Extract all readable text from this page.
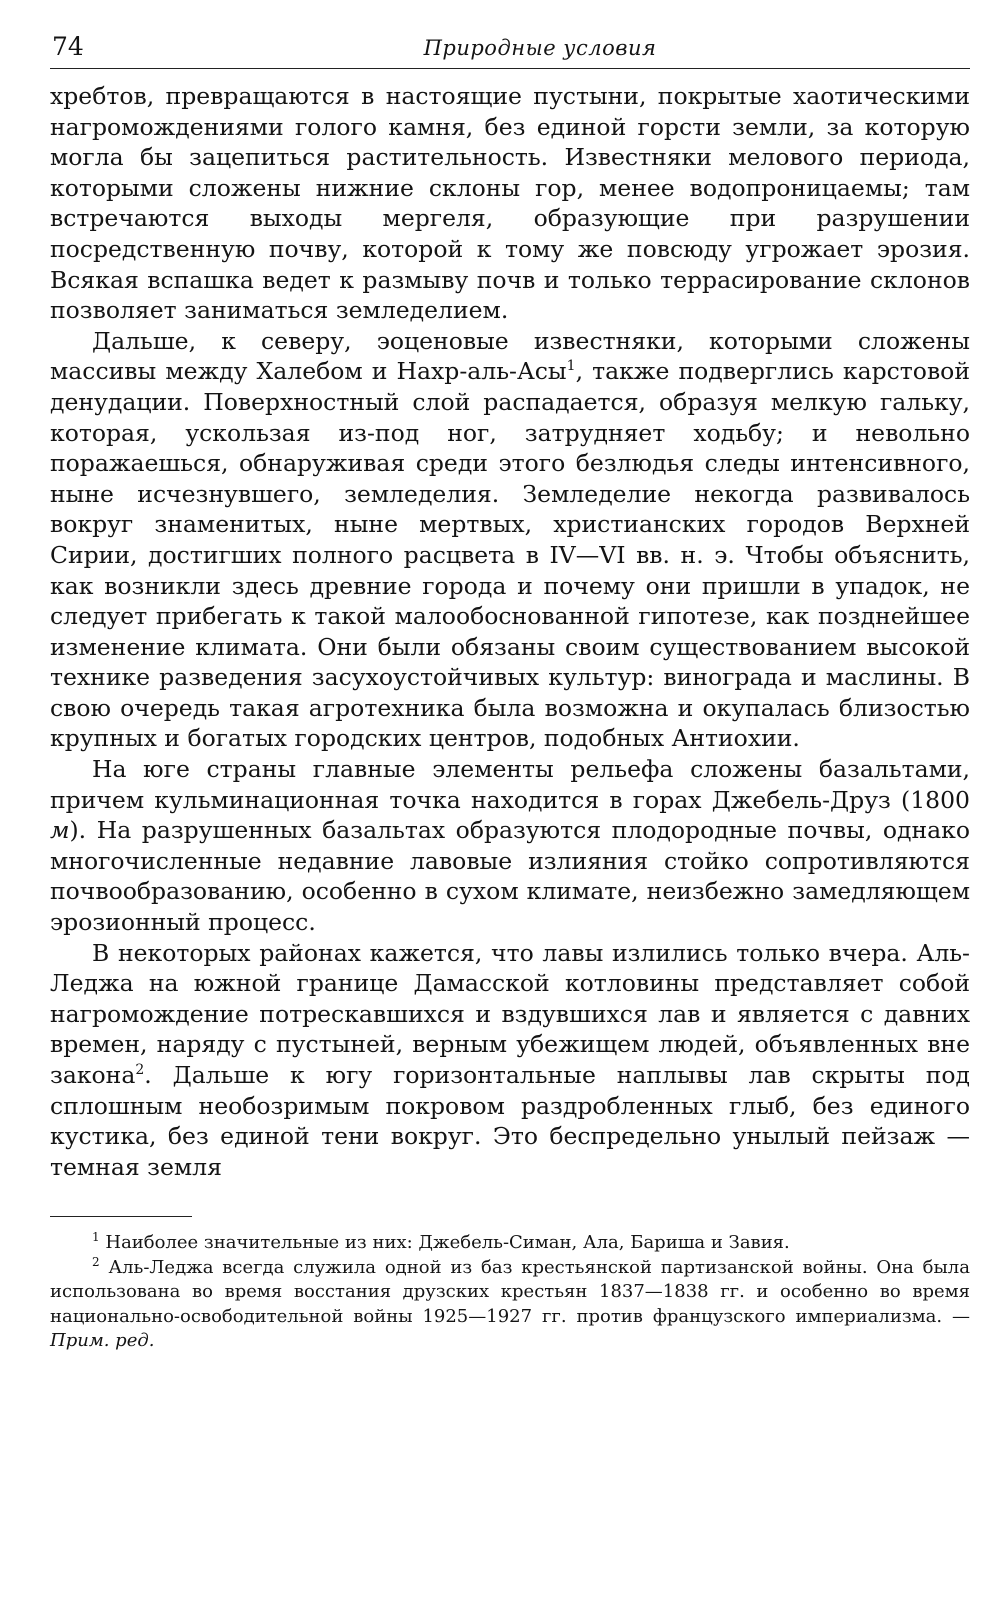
74	Природные условия

хребтов, превращаются в настоящие пустыни, покрытые хаотическими нагромождениями голого камня, без единой горсти земли, за которую могла бы зацепиться растительность. Известняки мелового периода, которыми сложены нижние склоны гор, менее водопроницаемы; там встречаются выходы мергеля, образующие при разрушении посредственную почву, которой к тому же повсюду угрожает эрозия. Всякая вспашка ведет к размыву почв и только террасирование склонов позволяет заниматься земледелием.

Дальше, к северу, эоценовые известняки, которыми сложены массивы между Халебом и Нахр-аль-Асы$^1$, также подверглись карстовой денудации. Поверхностный слой распадается, образуя мелкую гальку, которая, ускользая из-под ног, затрудняет ходьбу; и невольно поражаешься, обнаруживая среди этого безлюдья следы интенсивного, ныне исчезнувшего, земледелия. Земледелие некогда развивалось вокруг знаменитых, ныне мертвых, христианских городов Верхней Сирии, достигших полного расцвета в IV—VI вв. н. э. Чтобы объяснить, как возникли здесь древние города и почему они пришли в упадок, не следует прибегать к такой малообоснованной гипотезе, как позднейшее изменение климата. Они были обязаны своим существованием высокой технике разведения засухоустойчивых культур: винограда и маслины. В свою очередь такая агротехника была возможна и окупалась близостью крупных и богатых городских центров, подобных Антиохии.

На юге страны главные элементы рельефа сложены базальтами, причем кульминационная точка находится в горах Джебель-Друз (1800 м). На разрушенных базальтах образуются плодородные почвы, однако многочисленные недавние лавовые излияния стойко сопротивляются почвообразованию, особенно в сухом климате, неизбежно замедляющем эрозионный процесс.

В некоторых районах кажется, что лавы излились только вчера. Аль-Леджа на южной границе Дамасской котловины представляет собой нагромождение потрескавшихся и вздувшихся лав и является с давних времен, наряду с пустыней, верным убежищем людей, объявленных вне закона$^2$. Дальше к югу горизонтальные наплывы лав скрыты под сплошным необозримым покровом раздробленных глыб, без единого кустика, без единой тени вокруг. Это беспредельно унылый пейзаж — темная земля

$^1$ Наиболее значительные из них: Джебель-Симан, Ала, Бариша и Завия.

$^2$ Аль-Леджа всегда служила одной из баз крестьянской партизанской войны. Она была использована во время восстания друзских крестьян 1837—1838 гг. и особенно во время национально-освободительной войны 1925—1927 гг. против французского империализма. — Прим. ред.
